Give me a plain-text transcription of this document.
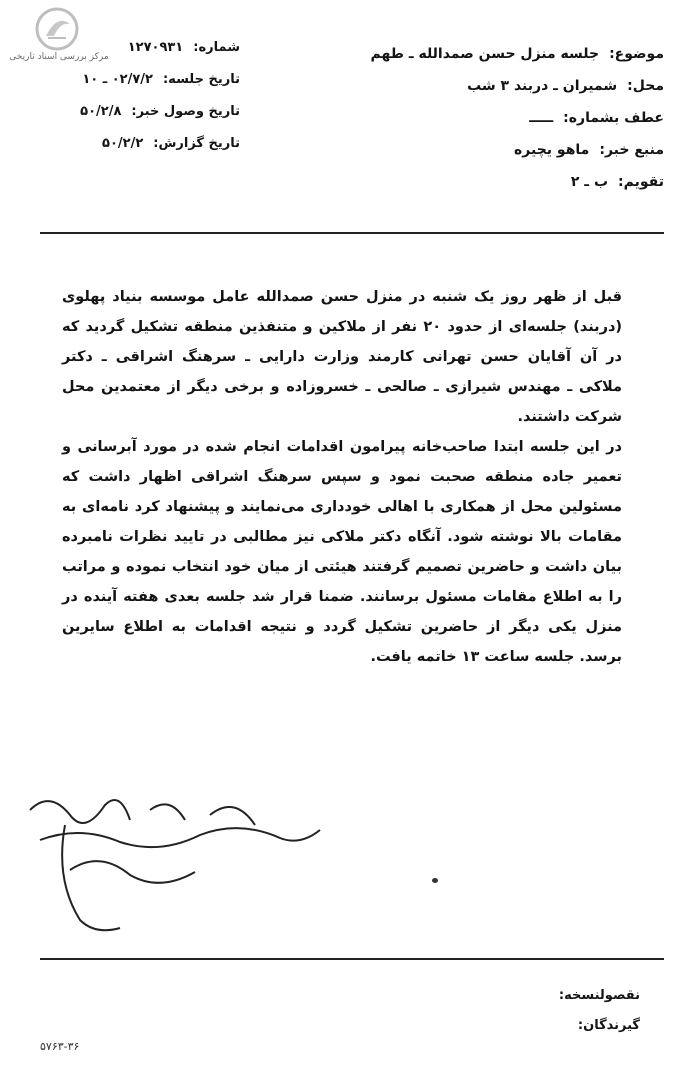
مرکز بررسی اسناد تاریخی	موضوع:
جلسه منزل حسن صمدالله ـ طهم
محل:
شمیران ـ دربند ۳ شب
عطف بشماره:
ـــــ
منبع خبر:
ماهو یچیره
تقویم:
ب ـ ۲
شماره:
۱۲۷۰۹۳۱
تاریخ جلسه:
۰۲/۷/۲ ـ ۱۰
تاریخ وصول خبر:
۵۰/۲/۸
تاریخ گزارش:
۵۰/۲/۲

قبل از ظهر روز یک شنبه در منزل حسن صمدالله عامل موسسه بنیاد پهلوی (دربند) جلسه‌ای از حدود ۲۰ نفر از ملاکین و متنفذین منطقه تشکیل گردید که در آن آقایان حسن تهرانی کارمند وزارت دارایی ـ سرهنگ اشراقی ـ دکتر ملاکی ـ مهندس شیرازی ـ صالحی ـ خسروزاده و برخی دیگر از معتمدین محل شرکت داشتند.

در این جلسه ابتدا صاحب‌خانه پیرامون اقدامات انجام شده در مورد آبرسانی و تعمیر جاده منطقه صحبت نمود و سپس سرهنگ اشراقی اظهار داشت که مسئولین محل از همکاری با اهالی خودداری می‌نمایند و پیشنهاد کرد نامه‌ای به مقامات بالا نوشته شود. آنگاه دکتر ملاکی نیز مطالبی در تایید نظرات نامبرده بیان داشت و حاضرین تصمیم گرفتند هیئتی از میان خود انتخاب نموده و مراتب را به اطلاع مقامات مسئول برسانند. ضمنا قرار شد جلسه بعدی هفته آینده در منزل یکی دیگر از حاضرین تشکیل گردد و نتیجه اقدامات به اطلاع سایرین برسد. جلسه ساعت ۱۳ خاتمه یافت.

نقصولنسخه:
گیرندگان:
۵۷۶۳-۳۶
